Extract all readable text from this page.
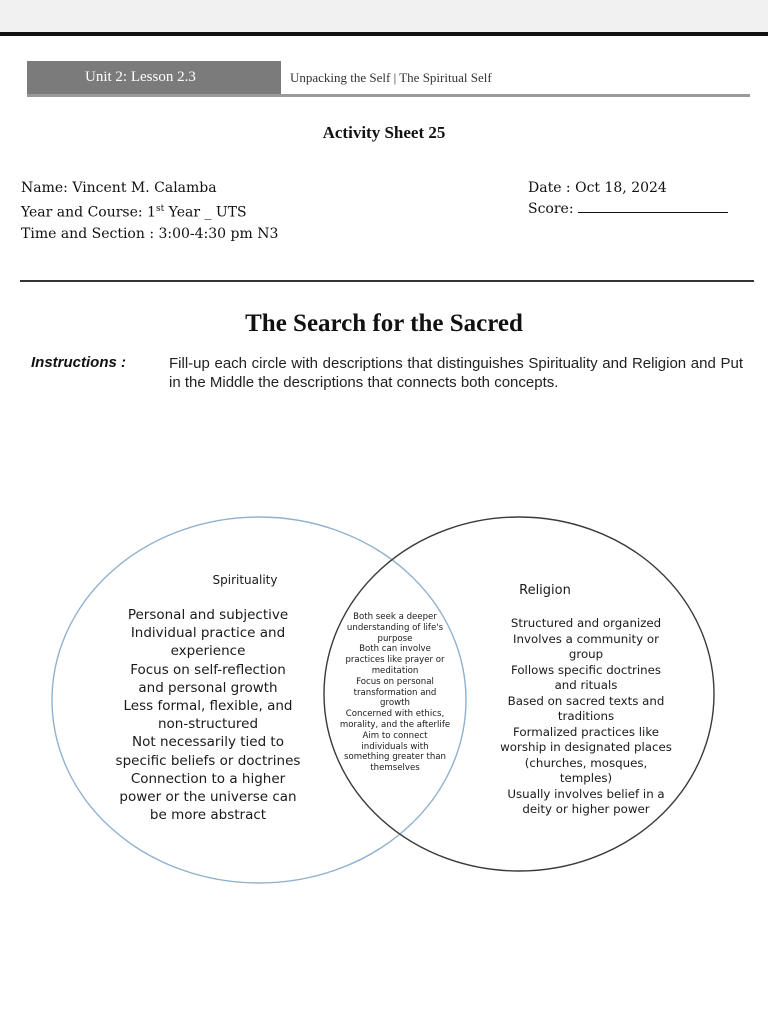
Unit 2: Lesson 2.3	Unpacking the Self | The Spiritual Self
Activity Sheet 25
Name: Vincent M. Calamba
Year and Course: 1st Year _ UTS
Time and Section : 3:00-4:30 pm N3
Date : Oct 18, 2024
Score:
The Search for the Sacred
Instructions :	Fill-up each circle with descriptions that distinguishes Spirituality and Religion and Put in the Middle the descriptions that connects both concepts.
Spirituality
Religion
Personal and subjective
Individual practice and
experience
Focus on self-reflection
and personal growth
Less formal, flexible, and
non-structured
Not necessarily tied to
specific beliefs or doctrines
Connection to a higher
power or the universe can
be more abstract
Both seek a deeper
understanding of life's
purpose
Both can involve
practices like prayer or
meditation
Focus on personal
transformation and
growth
Concerned with ethics,
morality, and the afterlife
Aim to connect
individuals with
something greater than
themselves
Structured and organized
Involves a community or
group
Follows specific doctrines
and rituals
Based on sacred texts and
traditions
Formalized practices like
worship in designated places
(churches, mosques,
temples)
Usually involves belief in a
deity or higher power
